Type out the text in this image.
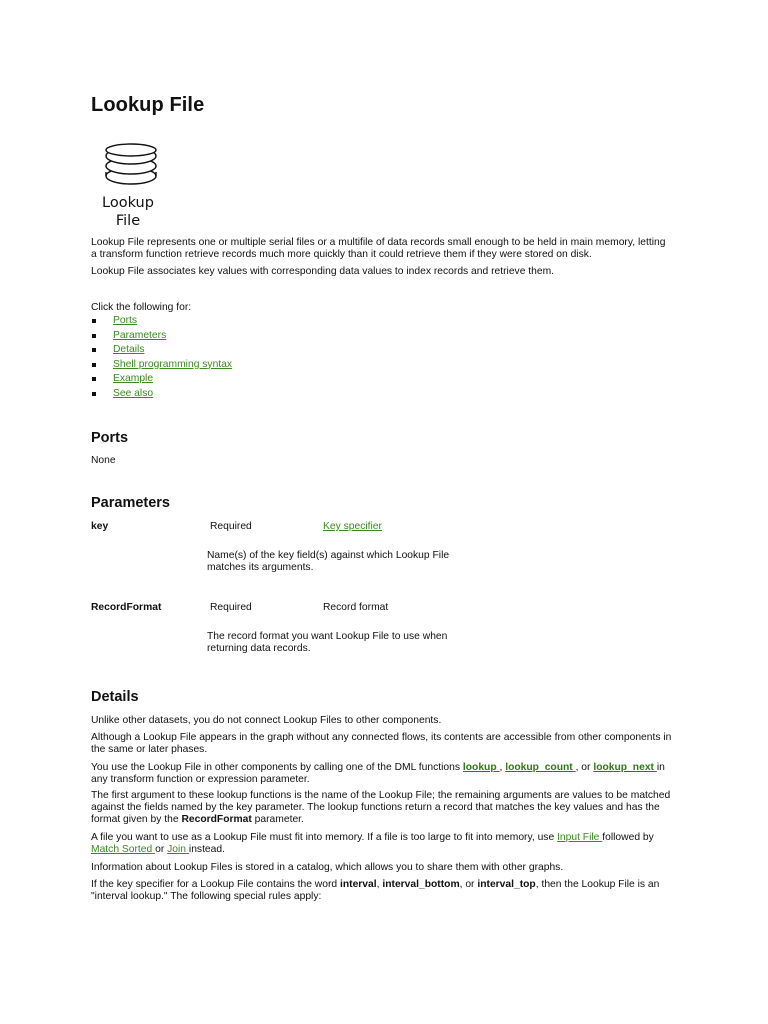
Lookup File
Lookup
File

Lookup File represents one or multiple serial files or a multifile of data records small enough to be held in main memory, letting a transform function retrieve records much more quickly than it could retrieve them if they were stored on disk.

Lookup File associates key values with corresponding data values to index records and retrieve them.

Click the following for:

Ports
Parameters
Details
Shell programming syntax
Example
See also
Ports

None

Parameters
key	Required	Key specifier
Name(s) of the key field(s) against which Lookup File
matches its arguments.
RecordFormat	Required	Record format
The record format you want Lookup File to use when
returning data records.
Details

Unlike other datasets, you do not connect Lookup Files to other components.

Although a Lookup File appears in the graph without any connected flows, its contents are accessible from other components in the same or later phases.

You use the Lookup File in other components by calling one of the DML functions lookup , lookup_count , or lookup_next in any transform function or expression parameter.

The first argument to these lookup functions is the name of the Lookup File; the remaining arguments are values to be matched against the fields named by the key parameter. The lookup functions return a record that matches the key values and has the format given by the RecordFormat parameter.

A file you want to use as a Lookup File must fit into memory. If a file is too large to fit into memory, use Input File followed by Match Sorted or Join instead.

Information about Lookup Files is stored in a catalog, which allows you to share them with other graphs.

If the key specifier for a Lookup File contains the word interval, interval_bottom, or interval_top, then the Lookup File is an "interval lookup." The following special rules apply:
